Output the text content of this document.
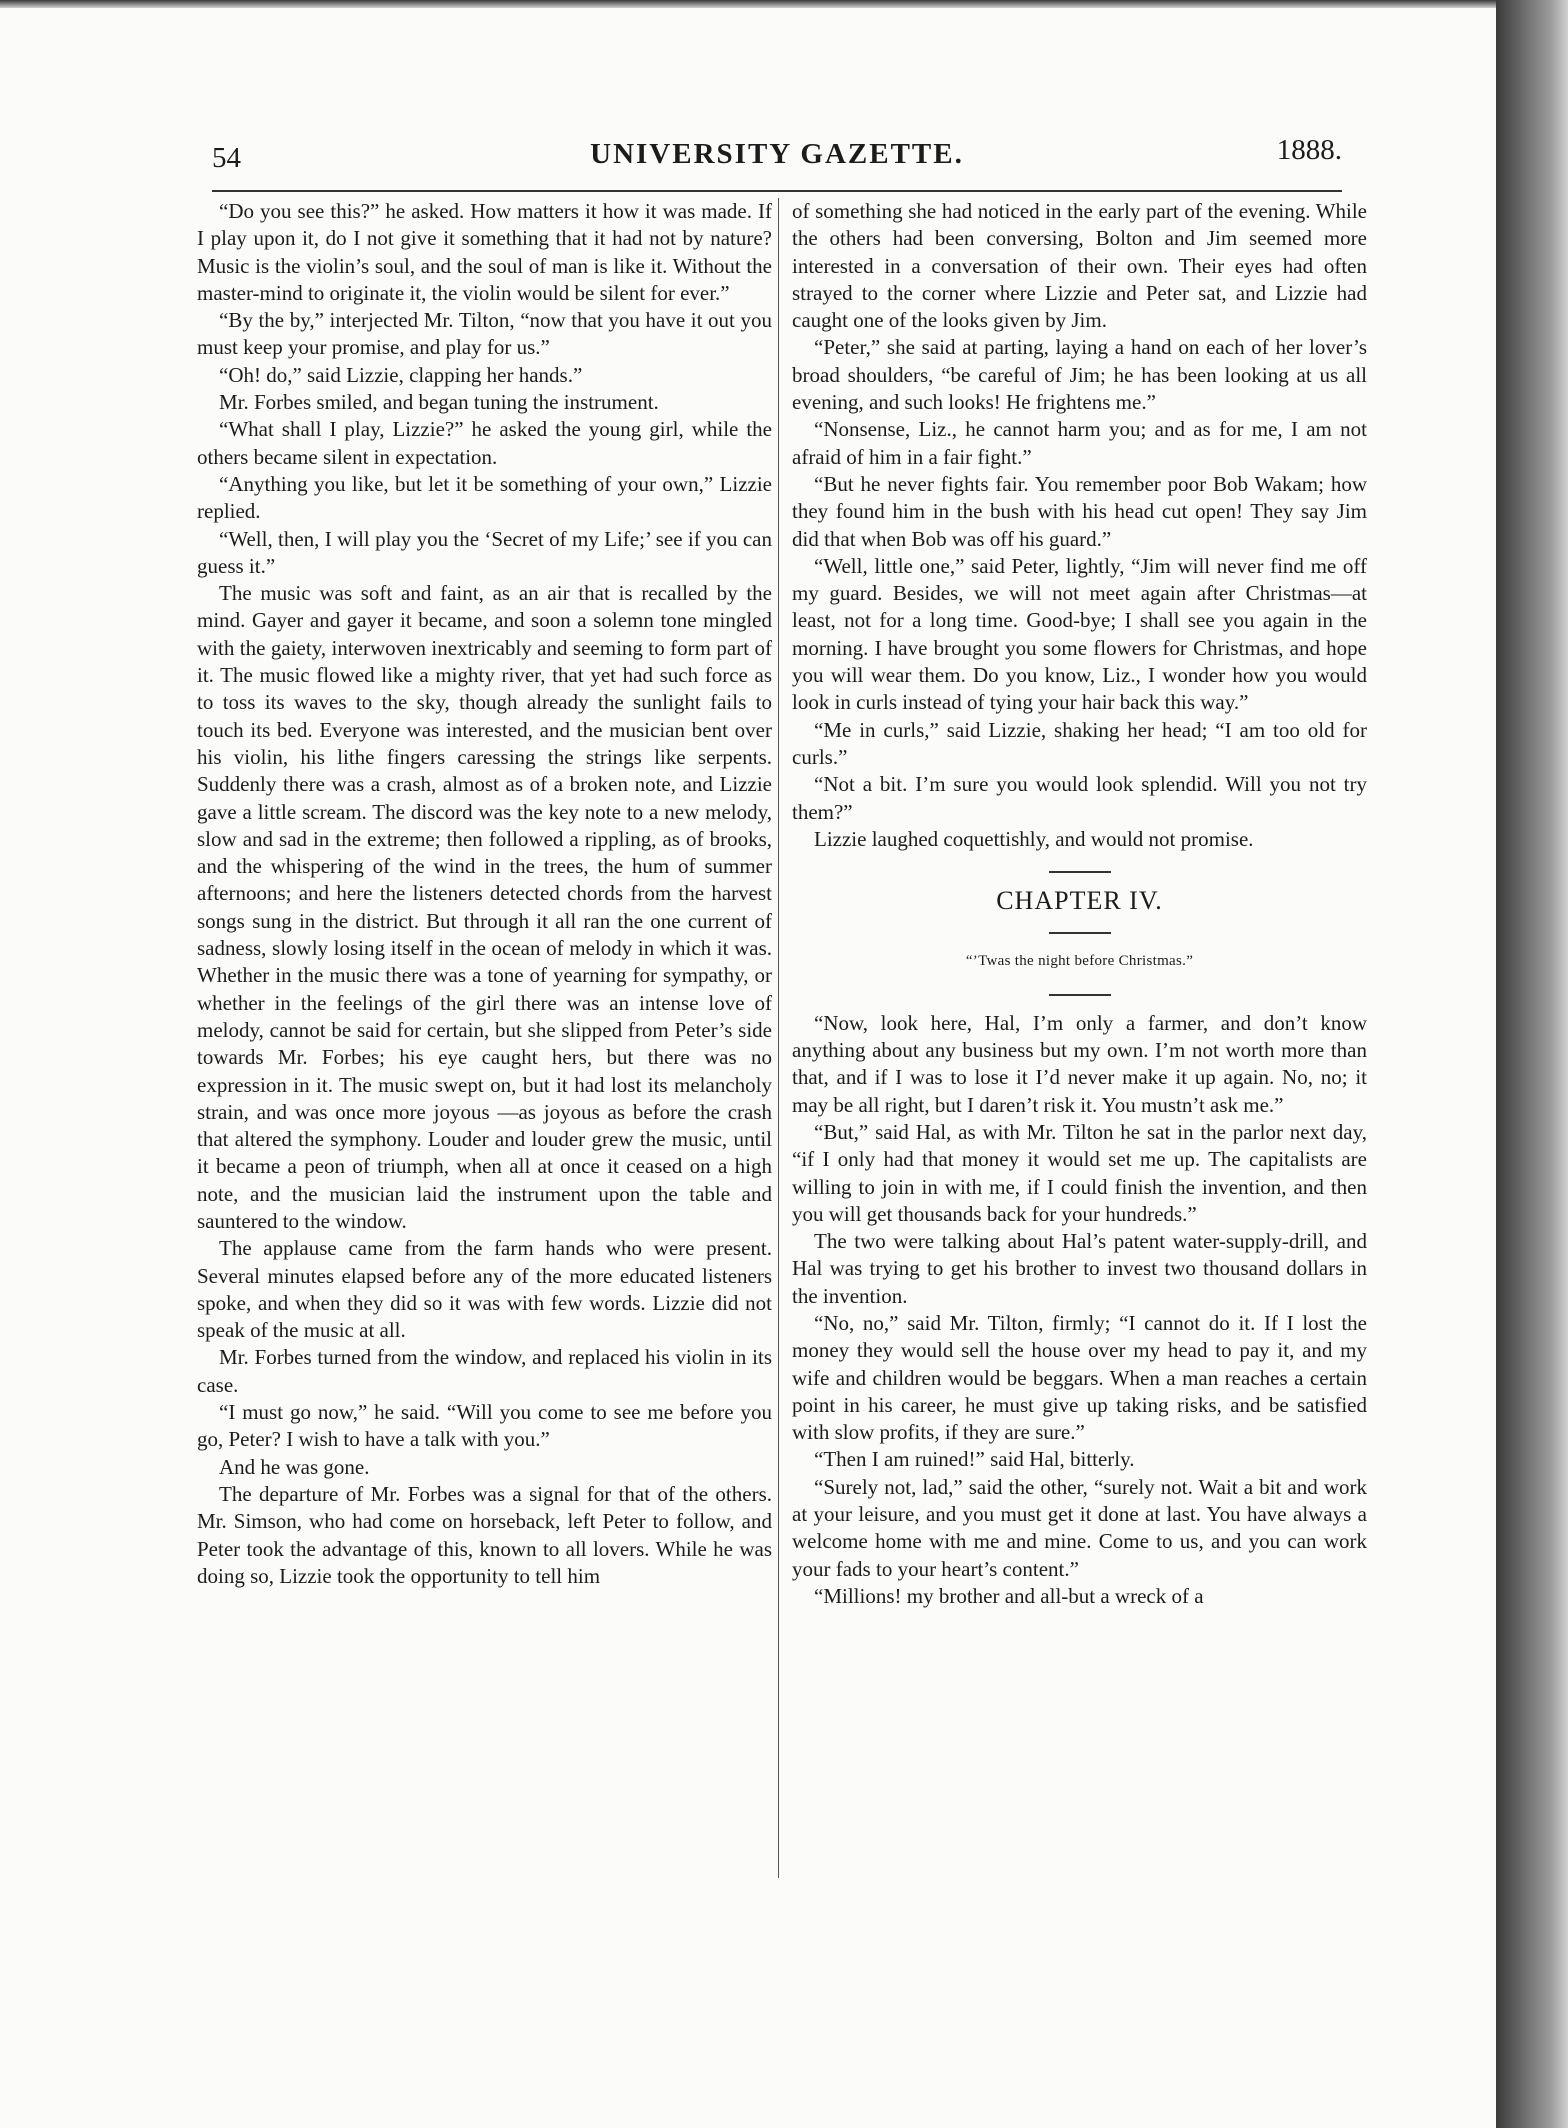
54	UNIVERSITY GAZETTE.	1888.

“Do you see this?” he asked. How matters it how it was made. If I play upon it, do I not give it something that it had not by nature? Music is the violin’s soul, and the soul of man is like it. Without the master-mind to originate it, the violin would be silent for ever.”

“By the by,” interjected Mr. Tilton, “now that you have it out you must keep your promise, and play for us.”

“Oh! do,” said Lizzie, clapping her hands.”

Mr. Forbes smiled, and began tuning the instrument.

“What shall I play, Lizzie?” he asked the young girl, while the others became silent in expectation.

“Anything you like, but let it be something of your own,” Lizzie replied.

“Well, then, I will play you the ‘Secret of my Life;’ see if you can guess it.”

The music was soft and faint, as an air that is recalled by the mind. Gayer and gayer it became, and soon a solemn tone mingled with the gaiety, interwoven inextricably and seeming to form part of it. The music flowed like a mighty river, that yet had such force as to toss its waves to the sky, though already the sunlight fails to touch its bed. Everyone was interested, and the musician bent over his violin, his lithe fingers caressing the strings like serpents. Suddenly there was a crash, almost as of a broken note, and Lizzie gave a little scream. The discord was the key note to a new melody, slow and sad in the extreme; then followed a rippling, as of brooks, and the whispering of the wind in the trees, the hum of summer afternoons; and here the listeners detected chords from the harvest songs sung in the district. But through it all ran the one current of sadness, slowly losing itself in the ocean of melody in which it was. Whether in the music there was a tone of yearning for sympathy, or whether in the feelings of the girl there was an intense love of melody, cannot be said for certain, but she slipped from Peter’s side towards Mr. Forbes; his eye caught hers, but there was no expression in it. The music swept on, but it had lost its melancholy strain, and was once more joyous —as joyous as before the crash that altered the symphony. Louder and louder grew the music, until it became a peon of triumph, when all at once it ceased on a high note, and the musician laid the instrument upon the table and sauntered to the window.

The applause came from the farm hands who were present. Several minutes elapsed before any of the more educated listeners spoke, and when they did so it was with few words. Lizzie did not speak of the music at all.

Mr. Forbes turned from the window, and replaced his violin in its case.

“I must go now,” he said. “Will you come to see me before you go, Peter? I wish to have a talk with you.”

And he was gone.

The departure of Mr. Forbes was a signal for that of the others. Mr. Simson, who had come on horseback, left Peter to follow, and Peter took the advantage of this, known to all lovers. While he was doing so, Lizzie took the opportunity to tell him

of something she had noticed in the early part of the evening. While the others had been conversing, Bolton and Jim seemed more interested in a conversation of their own. Their eyes had often strayed to the corner where Lizzie and Peter sat, and Lizzie had caught one of the looks given by Jim.

“Peter,” she said at parting, laying a hand on each of her lover’s broad shoulders, “be careful of Jim; he has been looking at us all evening, and such looks! He frightens me.”

“Nonsense, Liz., he cannot harm you; and as for me, I am not afraid of him in a fair fight.”

“But he never fights fair. You remember poor Bob Wakam; how they found him in the bush with his head cut open! They say Jim did that when Bob was off his guard.”

“Well, little one,” said Peter, lightly, “Jim will never find me off my guard. Besides, we will not meet again after Christmas—at least, not for a long time. Good-bye; I shall see you again in the morning. I have brought you some flowers for Christmas, and hope you will wear them. Do you know, Liz., I wonder how you would look in curls instead of tying your hair back this way.”

“Me in curls,” said Lizzie, shaking her head; “I am too old for curls.”

“Not a bit. I’m sure you would look splendid. Will you not try them?”

Lizzie laughed coquettishly, and would not promise.

CHAPTER IV.
“’Twas the night before Christmas.”

“Now, look here, Hal, I’m only a farmer, and don’t know anything about any business but my own. I’m not worth more than that, and if I was to lose it I’d never make it up again. No, no; it may be all right, but I daren’t risk it. You mustn’t ask me.”

“But,” said Hal, as with Mr. Tilton he sat in the parlor next day, “if I only had that money it would set me up. The capitalists are willing to join in with me, if I could finish the invention, and then you will get thousands back for your hundreds.”

The two were talking about Hal’s patent water-supply-drill, and Hal was trying to get his brother to invest two thousand dollars in the invention.

“No, no,” said Mr. Tilton, firmly; “I cannot do it. If I lost the money they would sell the house over my head to pay it, and my wife and children would be beggars. When a man reaches a certain point in his career, he must give up taking risks, and be satisfied with slow profits, if they are sure.”

“Then I am ruined!” said Hal, bitterly.

“Surely not, lad,” said the other, “surely not. Wait a bit and work at your leisure, and you must get it done at last. You have always a welcome home with me and mine. Come to us, and you can work your fads to your heart’s content.”

“Millions! my brother and all-but a wreck of a
